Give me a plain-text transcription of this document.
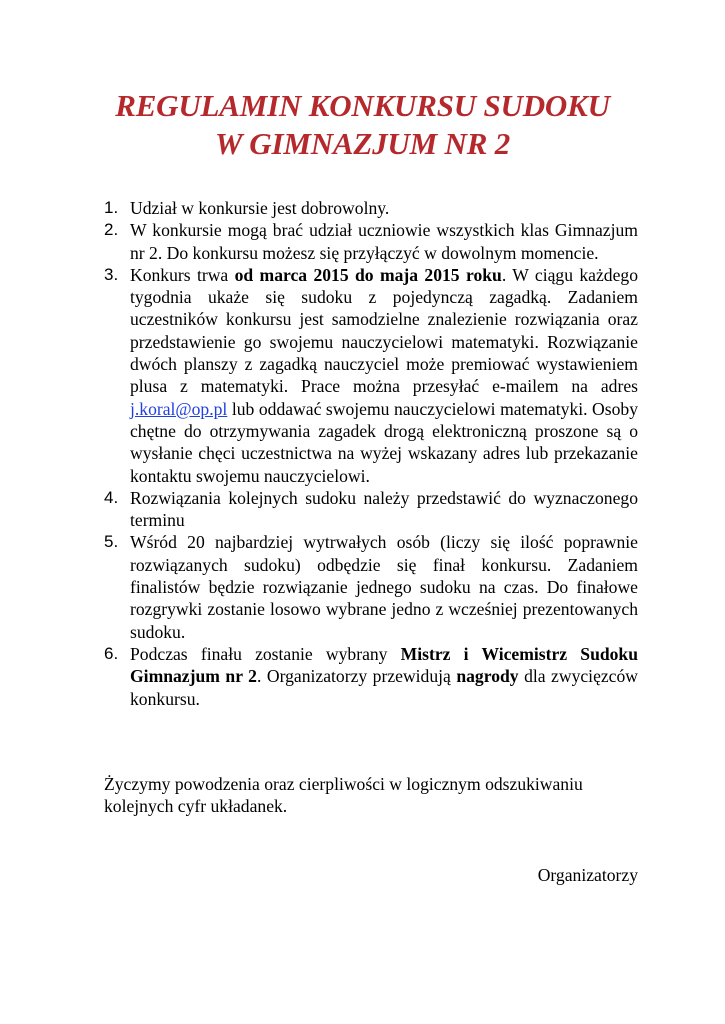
REGULAMIN KONKURSU SUDOKU
W GIMNAZJUM NR 2
1. Udział w konkursie jest dobrowolny.
2. W konkursie mogą brać udział uczniowie wszystkich klas Gimnazjum nr 2. Do konkursu możesz się przyłączyć w dowolnym momencie.
3. Konkurs trwa od marca 2015 do maja 2015 roku. W ciągu każdego tygodnia ukaże się sudoku z pojedynczą zagadką. Zadaniem uczestników konkursu jest samodzielne znalezienie rozwiązania oraz przedstawienie go swojemu nauczycielowi matematyki. Rozwiązanie dwóch planszy z zagadką nauczyciel może premiować wystawieniem plusa z matematyki. Prace można przesyłać e-mailem na adres j.koral@op.pl lub oddawać swojemu nauczycielowi matematyki. Osoby chętne do otrzymywania zagadek drogą elektroniczną proszone są o wysłanie chęci uczestnictwa na wyżej wskazany adres lub przekazanie kontaktu swojemu nauczycielowi.
4. Rozwiązania kolejnych sudoku należy przedstawić do wyznaczonego terminu
5. Wśród 20 najbardziej wytrwałych osób (liczy się ilość poprawnie rozwiązanych sudoku) odbędzie się finał konkursu. Zadaniem finalistów będzie rozwiązanie jednego sudoku na czas. Do finałowe rozgrywki zostanie losowo wybrane jedno z wcześniej prezentowanych sudoku.
6. Podczas finału zostanie wybrany Mistrz i Wicemistrz Sudoku Gimnazjum nr 2. Organizatorzy przewidują nagrody dla zwycięzców konkursu.

Życzymy powodzenia oraz cierpliwości w logicznym odszukiwaniu kolejnych cyfr układanek.

Organizatorzy
